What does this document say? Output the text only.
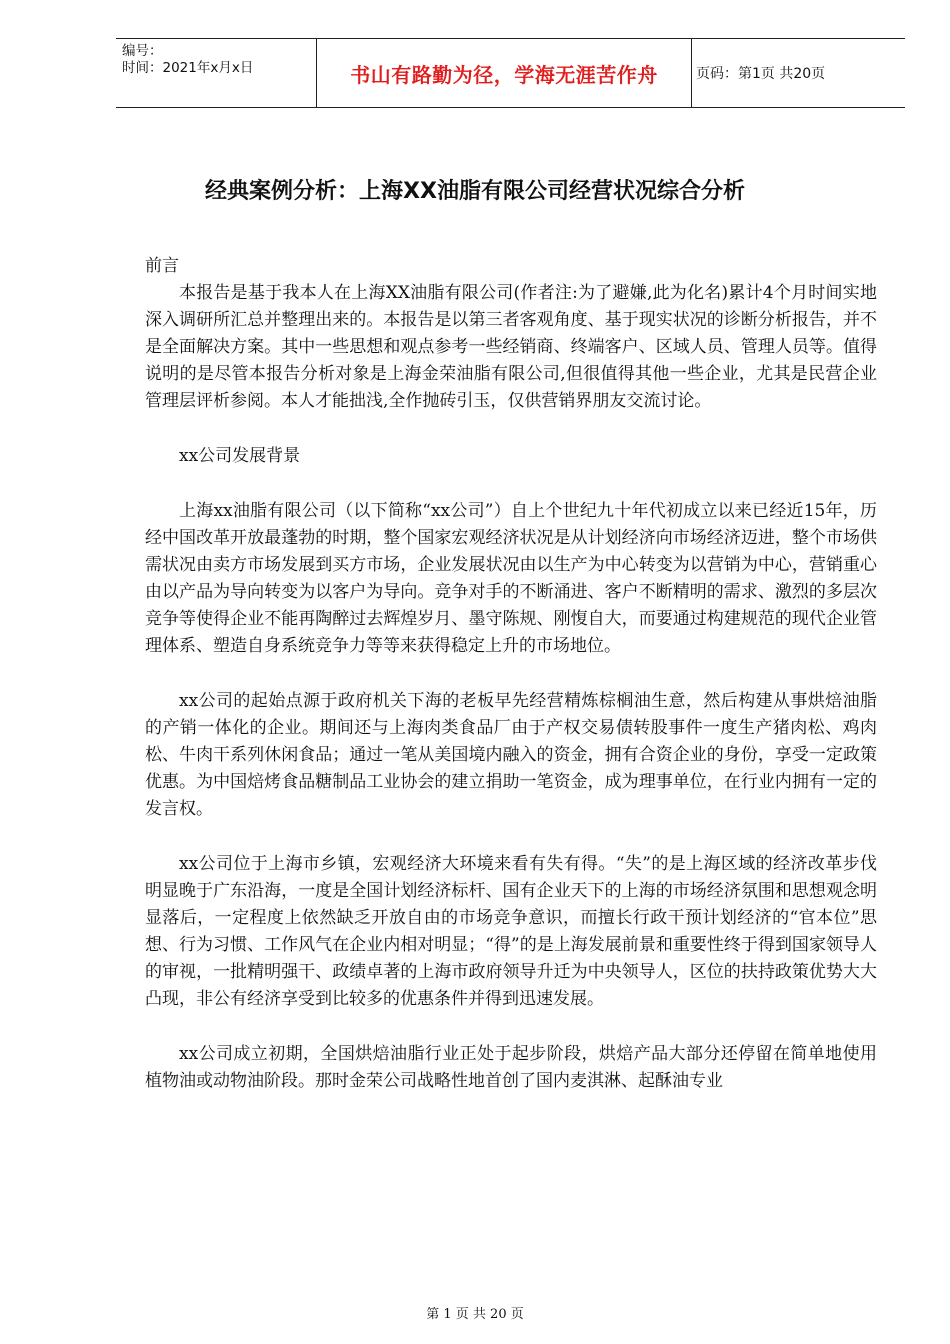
编号：
时间：2021年x月x日	书山有路勤为径，学海无涯苦作舟	页码：第1页 共20页
经典案例分析：上海XX油脂有限公司经营状况综合分析

前言

本报告是基于我本人在上海XX油脂有限公司(作者注:为了避嫌,此为化名)累计4个月时间实地深入调研所汇总并整理出来的。本报告是以第三者客观角度、基于现实状况的诊断分析报告，并不是全面解决方案。其中一些思想和观点参考一些经销商、终端客户、区域人员、管理人员等。值得说明的是尽管本报告分析对象是上海金荣油脂有限公司,但很值得其他一些企业，尤其是民营企业管理层评析参阅。本人才能拙浅,全作抛砖引玉，仅供营销界朋友交流讨论。

xx公司发展背景

上海xx油脂有限公司（以下简称“xx公司”）自上个世纪九十年代初成立以来已经近15年，历经中国改革开放最蓬勃的时期，整个国家宏观经济状况是从计划经济向市场经济迈进，整个市场供需状况由卖方市场发展到买方市场，企业发展状况由以生产为中心转变为以营销为中心，营销重心由以产品为导向转变为以客户为导向。竞争对手的不断涌进、客户不断精明的需求、激烈的多层次竞争等使得企业不能再陶醉过去辉煌岁月、墨守陈规、刚愎自大，而要通过构建规范的现代企业管理体系、塑造自身系统竞争力等等来获得稳定上升的市场地位。

xx公司的起始点源于政府机关下海的老板早先经营精炼棕榈油生意，然后构建从事烘焙油脂的产销一体化的企业。期间还与上海肉类食品厂由于产权交易债转股事件一度生产猪肉松、鸡肉松、牛肉干系列休闲食品；通过一笔从美国境内融入的资金，拥有合资企业的身份，享受一定政策优惠。为中国焙烤食品糖制品工业协会的建立捐助一笔资金，成为理事单位，在行业内拥有一定的发言权。

xx公司位于上海市乡镇，宏观经济大环境来看有失有得。“失”的是上海区域的经济改革步伐明显晚于广东沿海，一度是全国计划经济标杆、国有企业天下的上海的市场经济氛围和思想观念明显落后，一定程度上依然缺乏开放自由的市场竞争意识，而擅长行政干预计划经济的“官本位”思想、行为习惯、工作风气在企业内相对明显；“得”的是上海发展前景和重要性终于得到国家领导人的审视，一批精明强干、政绩卓著的上海市政府领导升迁为中央领导人，区位的扶持政策优势大大凸现，非公有经济享受到比较多的优惠条件并得到迅速发展。

xx公司成立初期，全国烘焙油脂行业正处于起步阶段，烘焙产品大部分还停留在简单地使用植物油或动物油阶段。那时金荣公司战略性地首创了国内麦淇淋、起酥油专业

第 1 页 共 20 页
